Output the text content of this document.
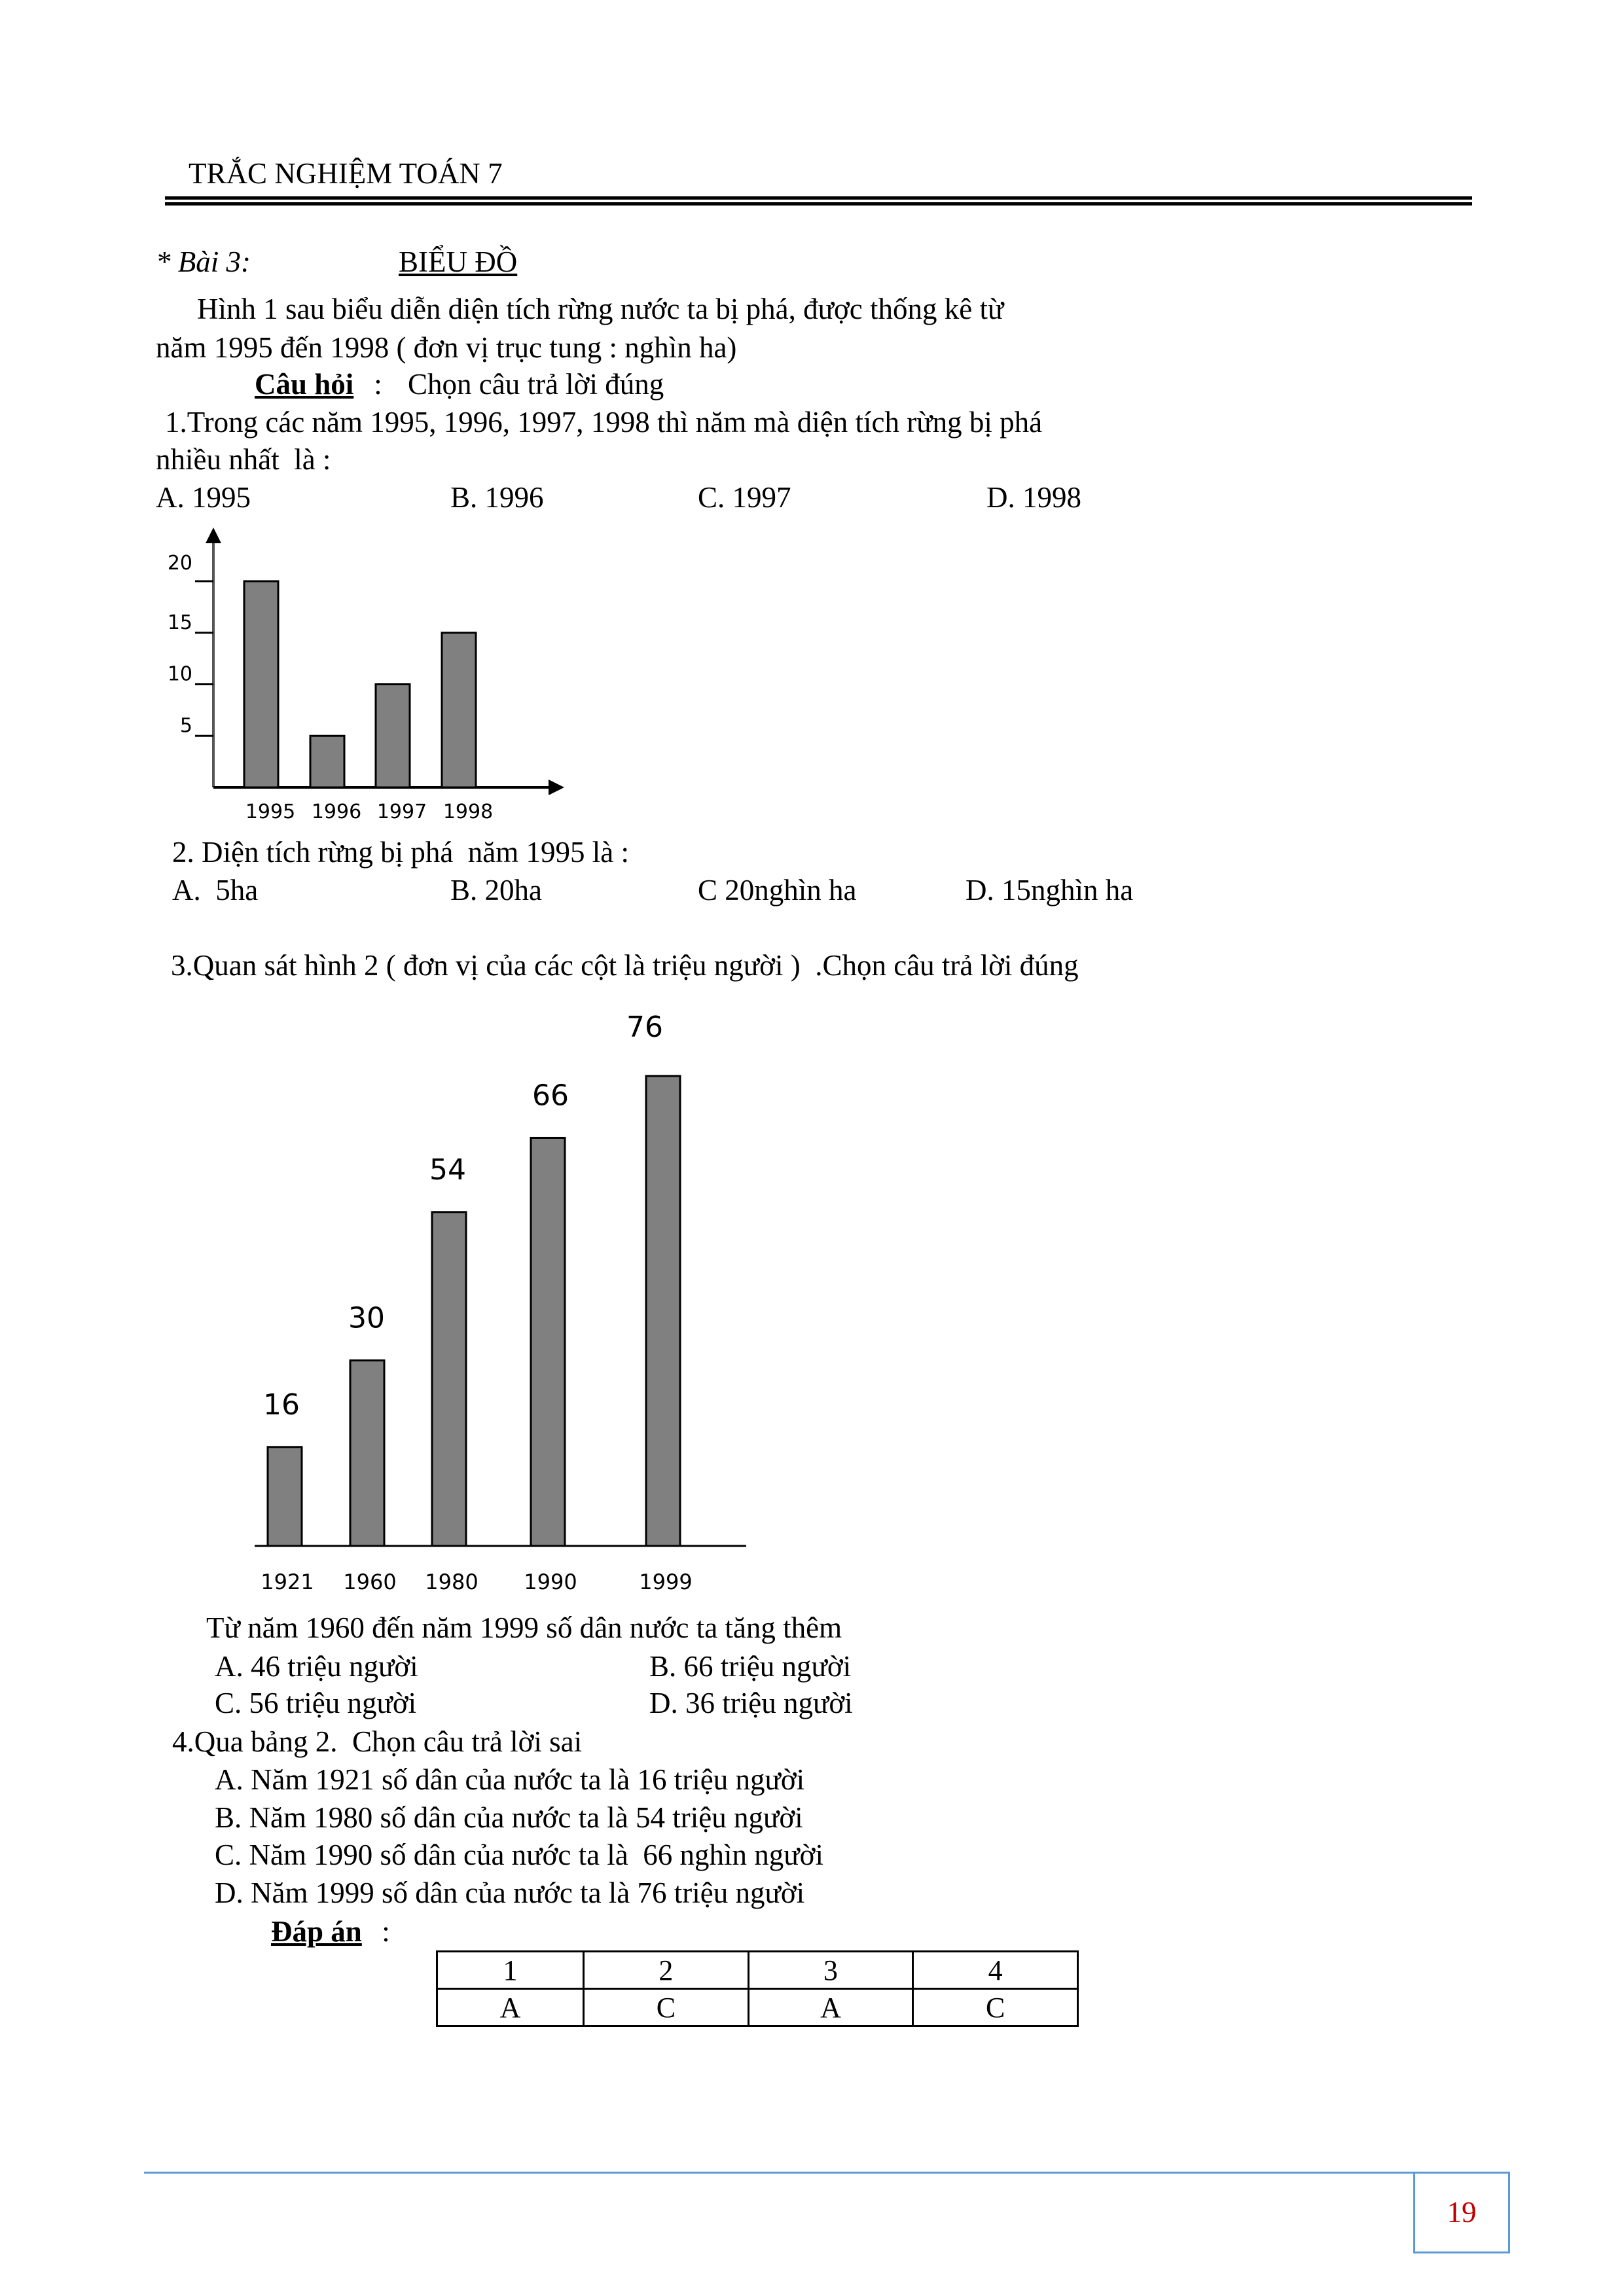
TRẮC NGHIỆM TOÁN 7
* Bài 3:	BIỂU ĐỒ
Hình 1 sau biểu diễn diện tích rừng nước ta bị phá, được thống kê từ
năm 1995 đến 1998 ( đơn vị trục tung : nghìn ha)
Câu hỏi : Chọn câu trả lời đúng
1.Trong các năm 1995, 1996, 1997, 1998 thì năm mà diện tích rừng bị phá
nhiều nhất  là :
A. 1995	B. 1996	C. 1997	D. 1998
5
10
15
20
1995 1996 1997 1998
16
1921
30
1960
54
1980
66
1990
76
1999
2. Diện tích rừng bị phá  năm 1995 là :
A.  5ha	B. 20ha	C 20nghìn ha	D. 15nghìn ha
3.Quan sát hình 2 ( đơn vị của các cột là triệu người )  .Chọn câu trả lời đúng
Từ năm 1960 đến năm 1999 số dân nước ta tăng thêm
A. 46 triệu người	B. 66 triệu người
C. 56 triệu người	D. 36 triệu người
4.Qua bảng 2.  Chọn câu trả lời sai
A. Năm 1921 số dân của nước ta là 16 triệu người
B. Năm 1980 số dân của nước ta là 54 triệu người
C. Năm 1990 số dân của nước ta là  66 nghìn người
D. Năm 1999 số dân của nước ta là 76 triệu người
Đáp án :
1	2	3	4
A	C	A	C
19
